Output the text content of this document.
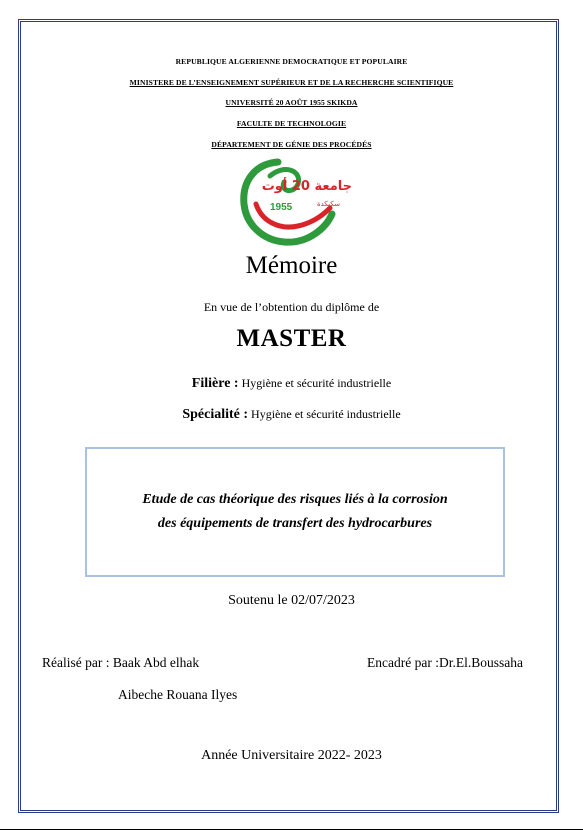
REPUBLIQUE ALGERIENNE DEMOCRATIQUE ET POPULAIRE
MINISTERE DE L’ENSEIGNEMENT SUPÉRIEUR ET DE LA RECHERCHE SCIENTIFIQUE
UNIVERSITÉ 20 AOÛT 1955 SKIKDA
FACULTE DE TECHNOLOGIE
DÉPARTEMENT DE GÉNIE DES PROCÉDÉS
1955
جامعة 20 أوت
سكيكدة
Mémoire
En vue de l’obtention du diplôme de
MASTER
Filière : Hygiène et sécurité industrielle
Spécialité : Hygiène et sécurité industrielle

Etude de cas théorique des risques liés à la corrosion
des équipements de transfert des hydrocarbures

Soutenu le 02/07/2023
Réalisé par : Baak Abd elhak	Encadré par :Dr.El.Boussaha
Aibeche Rouana Ilyes
Année Universitaire 2022- 2023
